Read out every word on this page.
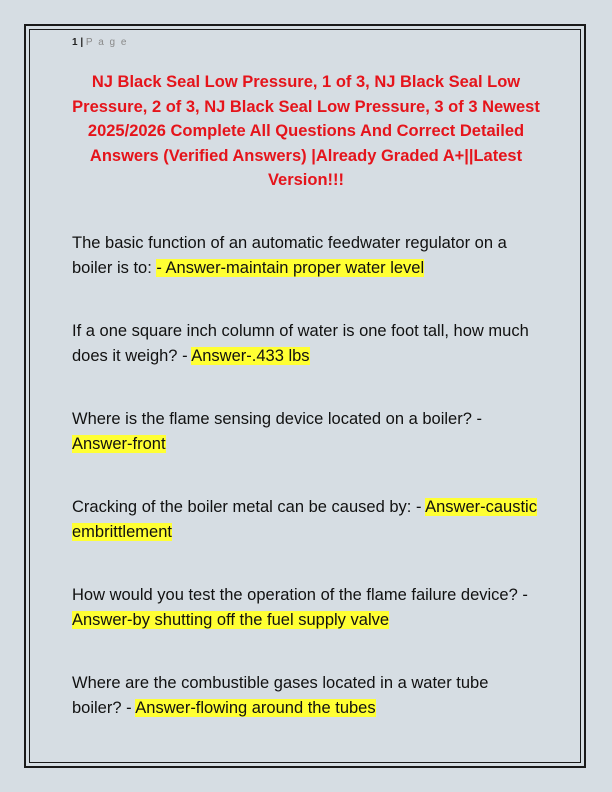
1 | P a g e
NJ Black Seal Low Pressure, 1 of 3, NJ Black Seal Low Pressure, 2 of 3, NJ Black Seal Low Pressure, 3 of 3 Newest 2025/2026 Complete All Questions And Correct Detailed Answers (Verified Answers) |Already Graded A+||Latest Version!!!
The basic function of an automatic feedwater regulator on a boiler is to: - Answer-maintain proper water level
If a one square inch column of water is one foot tall, how much does it weigh? - Answer-.433 lbs
Where is the flame sensing device located on a boiler? - Answer-front
Cracking of the boiler metal can be caused by: - Answer-caustic embrittlement
How would you test the operation of the flame failure device? - Answer-by shutting off the fuel supply valve
Where are the combustible gases located in a water tube boiler? - Answer-flowing around the tubes
